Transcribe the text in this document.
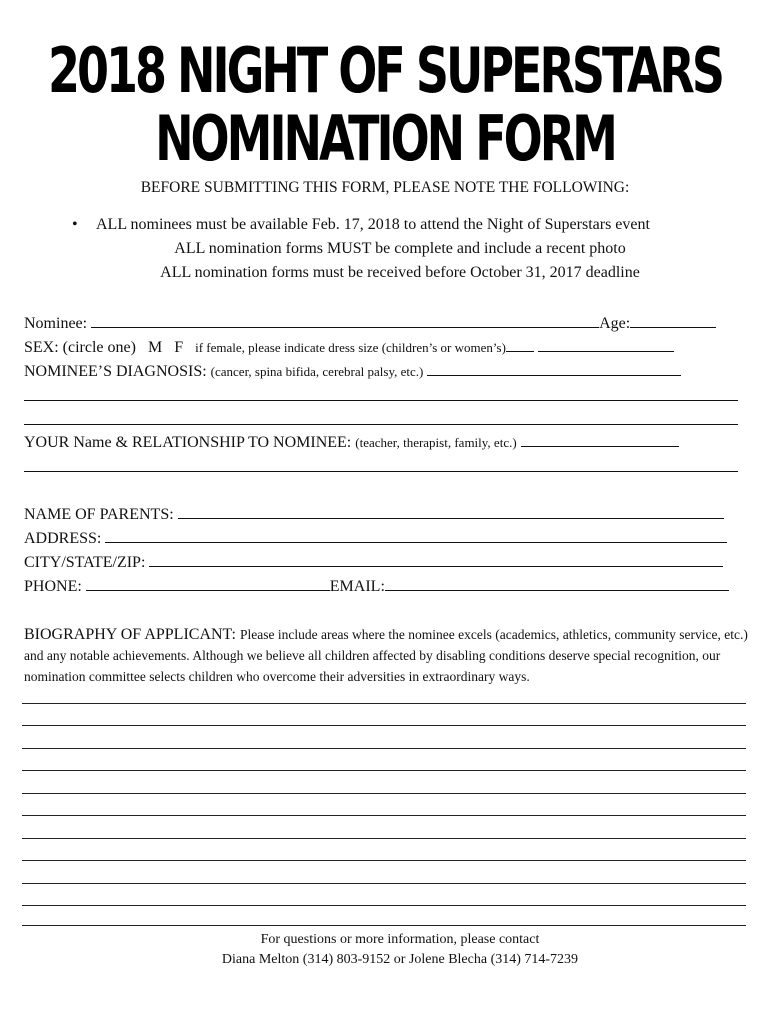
2018 NIGHT OF SUPERSTARS
NOMINATION FORM
BEFORE SUBMITTING THIS FORM, PLEASE NOTE THE FOLLOWING:
• ALL nominees must be available Feb. 17, 2018 to attend the Night of Superstars event
ALL nomination forms MUST be complete and include a recent photo
ALL nomination forms must be received before October 31, 2017 deadline
Nominee:	Age:
SEX: (circle one) M F if female, please indicate dress size (children’s or women’s)
NOMINEE’S DIAGNOSIS: (cancer, spina bifida, cerebral palsy, etc.)
YOUR Name & RELATIONSHIP TO NOMINEE: (teacher, therapist, family, etc.)
NAME OF PARENTS:
ADDRESS:
CITY/STATE/ZIP:
PHONE:	EMAIL:
BIOGRAPHY OF APPLICANT: Please include areas where the nominee excels (academics, athletics, community service, etc.) and any notable achievements. Although we believe all children affected by disabling conditions deserve special recognition, our nomination committee selects children who overcome their adversities in extraordinary ways.
For questions or more information, please contact
Diana Melton (314) 803-9152 or Jolene Blecha (314) 714-7239
